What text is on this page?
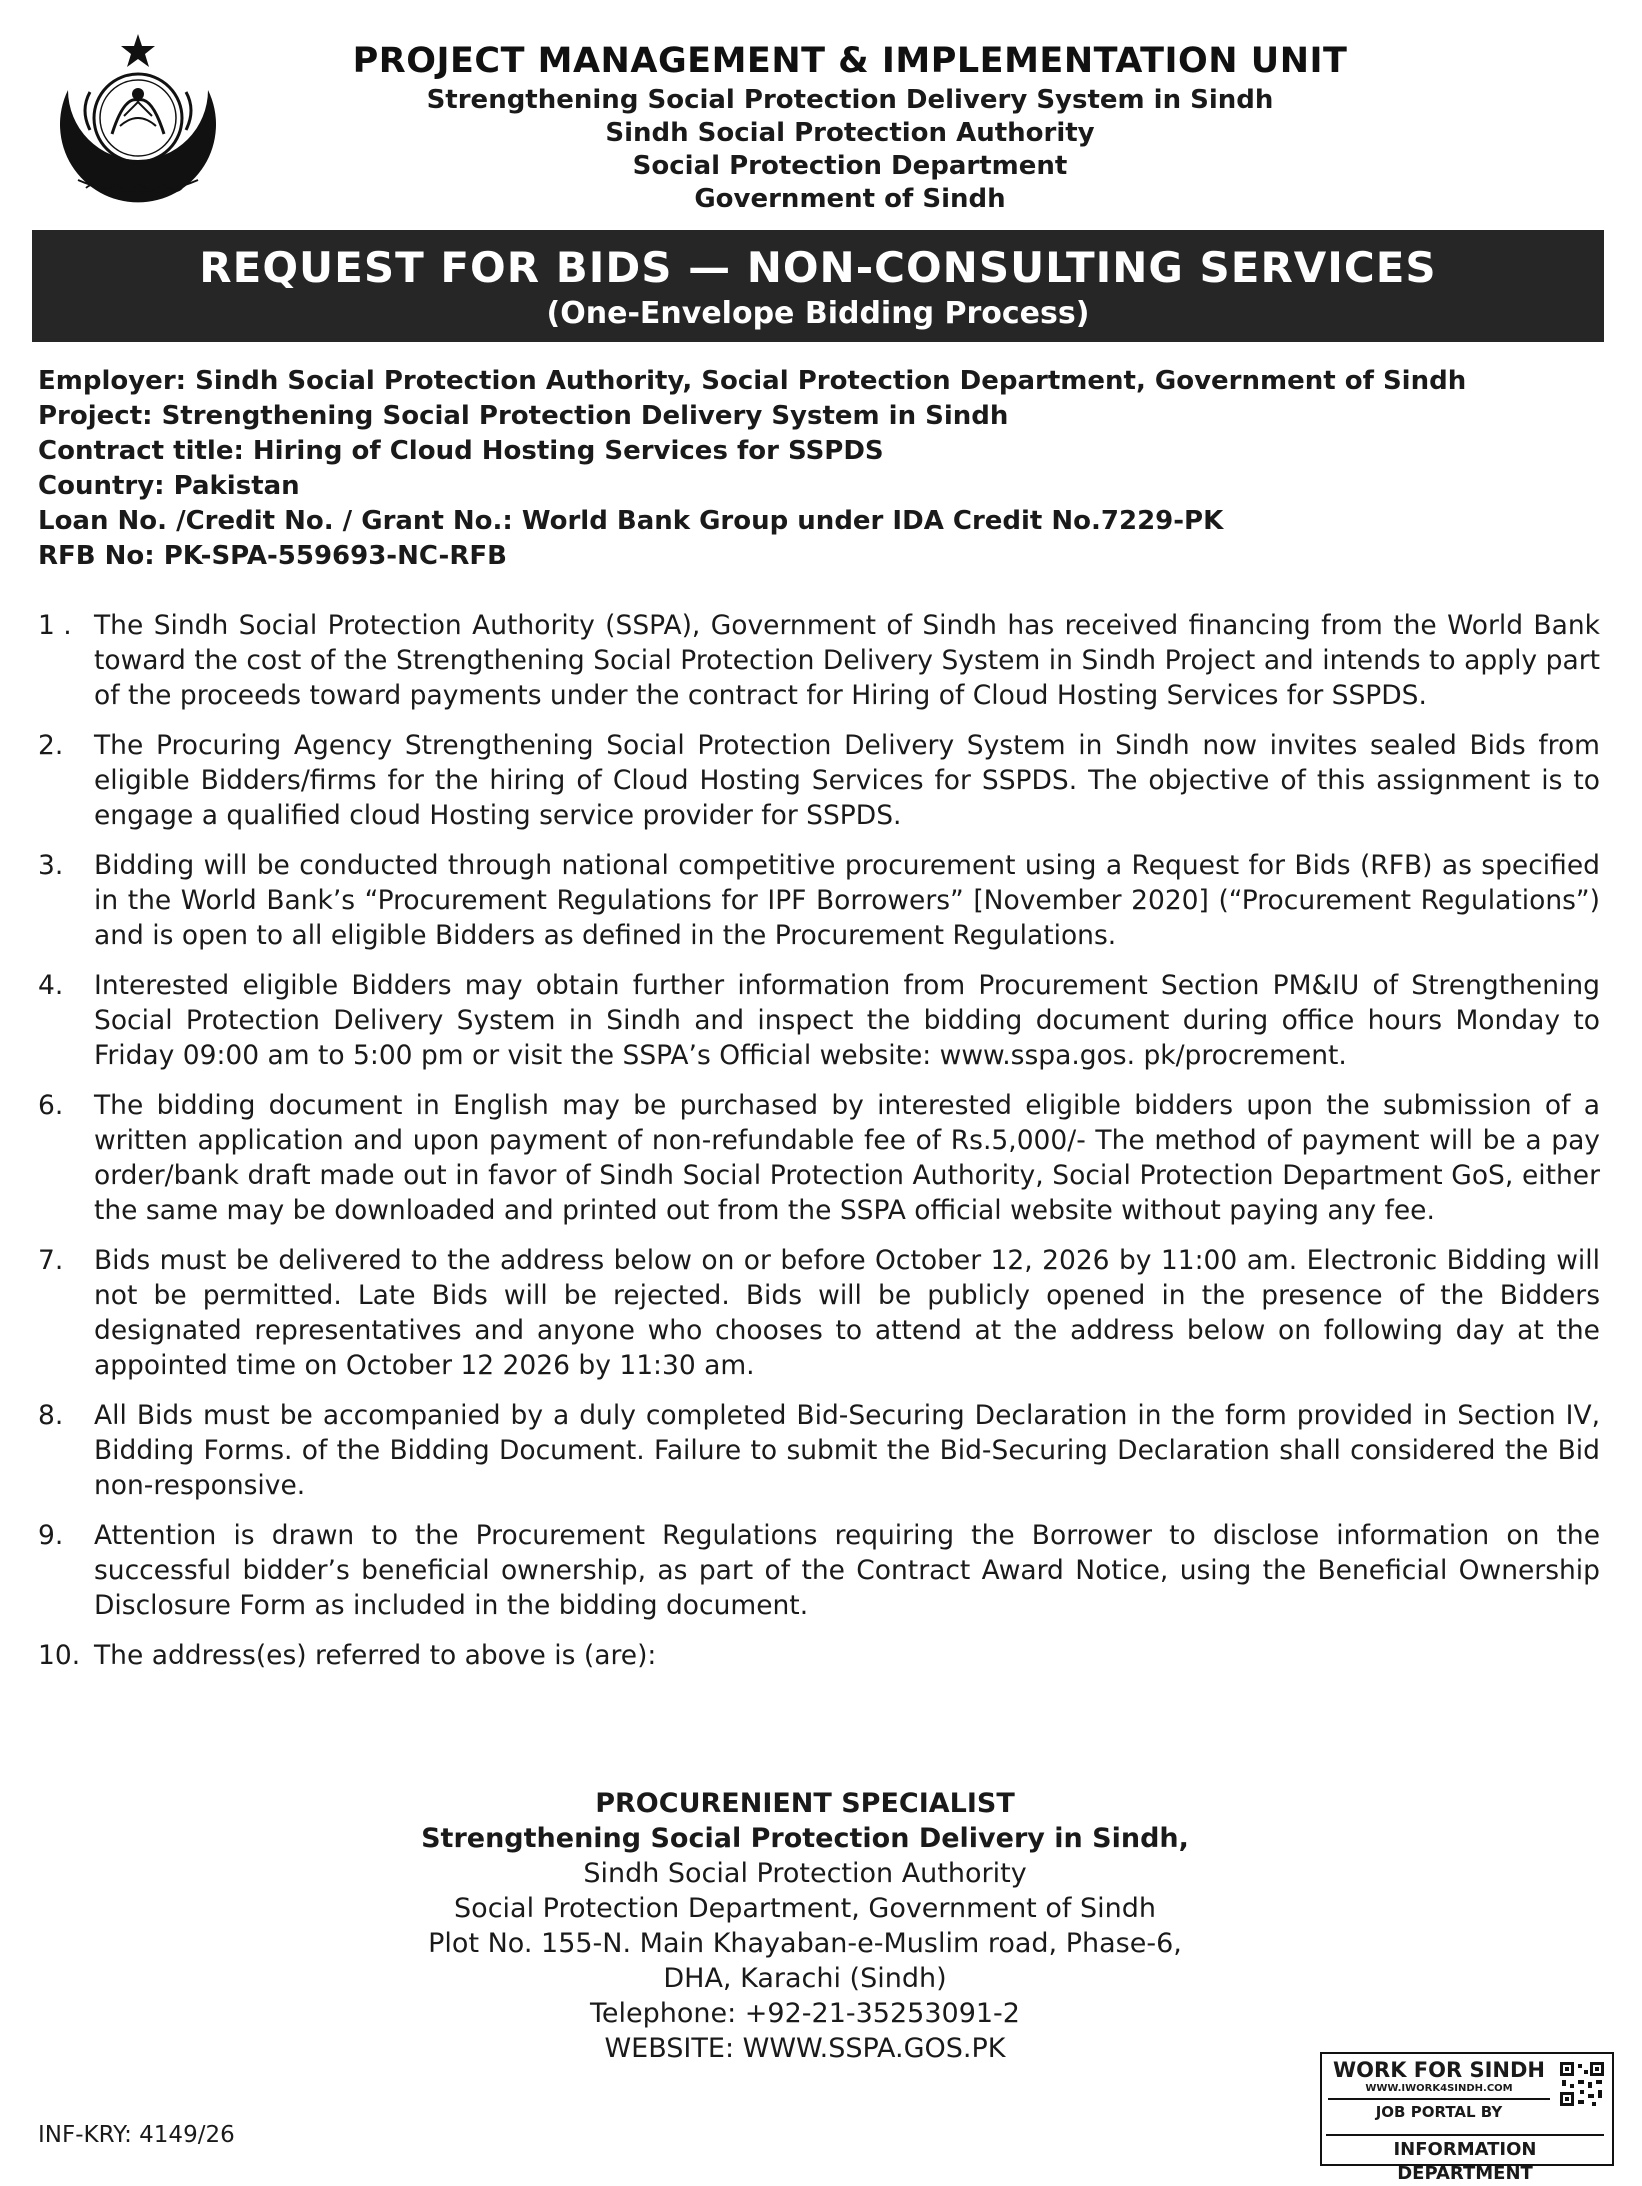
PROJECT MANAGEMENT & IMPLEMENTATION UNIT
Strengthening Social Protection Delivery System in Sindh
Sindh Social Protection Authority
Social Protection Department
Government of Sindh
REQUEST FOR BIDS — NON-CONSULTING SERVICES
(One-Envelope Bidding Process)
Employer: Sindh Social Protection Authority, Social Protection Department, Government of Sindh
Project: Strengthening Social Protection Delivery System in Sindh
Contract title: Hiring of Cloud Hosting Services for SSPDS
Country: Pakistan
Loan No. /Credit No. / Grant No.: World Bank Group under IDA Credit No.7229-PK
RFB No: PK-SPA-559693-NC-RFB
1 . The Sindh Social Protection Authority (SSPA), Government of Sindh has received financing from the World Bank toward the cost of the Strengthening Social Protection Delivery System in Sindh Project and intends to apply part of the proceeds toward payments under the contract for Hiring of Cloud Hosting Services for SSPDS.
2.	The Procuring Agency Strengthening Social Protection Delivery System in Sindh now invites sealed Bids from eligible Bidders/firms for the hiring of Cloud Hosting Services for SSPDS. The objective of this assignment is to engage a qualified cloud Hosting service provider for SSPDS.
3.	Bidding will be conducted through national competitive procurement using a Request for Bids (RFB) as specified in the World Bank’s “Procurement Regulations for IPF Borrowers” [November 2020] (“Procurement Regulations”) and is open to all eligible Bidders as defined in the Procurement Regulations.
4.	Interested eligible Bidders may obtain further information from Procurement Section PM&IU of Strengthening Social Protection Delivery System in Sindh and inspect the bidding document during office hours Monday to Friday 09:00 am to 5:00 pm or visit the SSPA’s Official website: www.sspa.gos. pk/procrement.
6.	The bidding document in English may be purchased by interested eligible bidders upon the submission of a written application and upon payment of non-refundable fee of Rs.5,000/- The method of payment will be a pay order/bank draft made out in favor of Sindh Social Protection Authority, Social Protection Department GoS, either the same may be downloaded and printed out from the SSPA official website without paying any fee.
7.	Bids must be delivered to the address below on or before October 12, 2026 by 11:00 am. Electronic Bidding will not be permitted. Late Bids will be rejected. Bids will be publicly opened in the presence of the Bidders designated representatives and anyone who chooses to attend at the address below on following day at the appointed time on October 12 2026 by 11:30 am.
8.	All Bids must be accompanied by a duly completed Bid-Securing Declaration in the form provided in Section IV, Bidding Forms. of the Bidding Document. Failure to submit the Bid-Securing Declaration shall considered the Bid non-responsive.
9.	Attention is drawn to the Procurement Regulations requiring the Borrower to disclose information on the successful bidder’s beneficial ownership, as part of the Contract Award Notice, using the Beneficial Ownership Disclosure Form as included in the bidding document.
10. The address(es) referred to above is (are):
PROCURENIENT SPECIALIST
Strengthening Social Protection Delivery in Sindh,
Sindh Social Protection Authority
Social Protection Department, Government of Sindh
Plot No. 155-N. Main Khayaban-e-Muslim road, Phase-6,
DHA, Karachi (Sindh)
Telephone: +92-21-35253091-2
WEBSITE: WWW.SSPA.GOS.PK
INF-KRY: 4149/26
WORK FOR SINDH
WWW.IWORK4SINDH.COM
JOB PORTAL BY
INFORMATION DEPARTMENT
